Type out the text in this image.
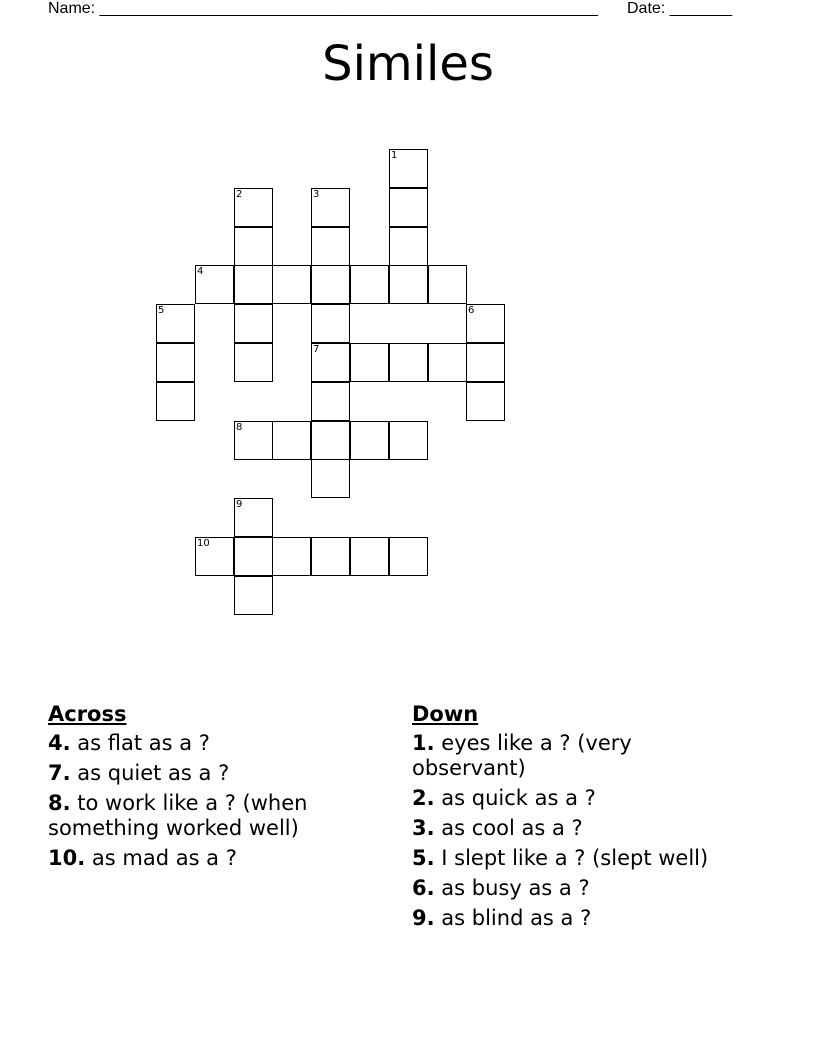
Name: ________________________________________________________ Date: _______
Similes
1
2	3
4
5	6
7
8
9
10
Across
4. as flat as a ?
7. as quiet as a ?
8. to work like a ? (when something worked well)
10. as mad as a ?
Down
1. eyes like a ? (very observant)
2. as quick as a ?
3. as cool as a ?
5. I slept like a ? (slept well)
6. as busy as a ?
9. as blind as a ?
